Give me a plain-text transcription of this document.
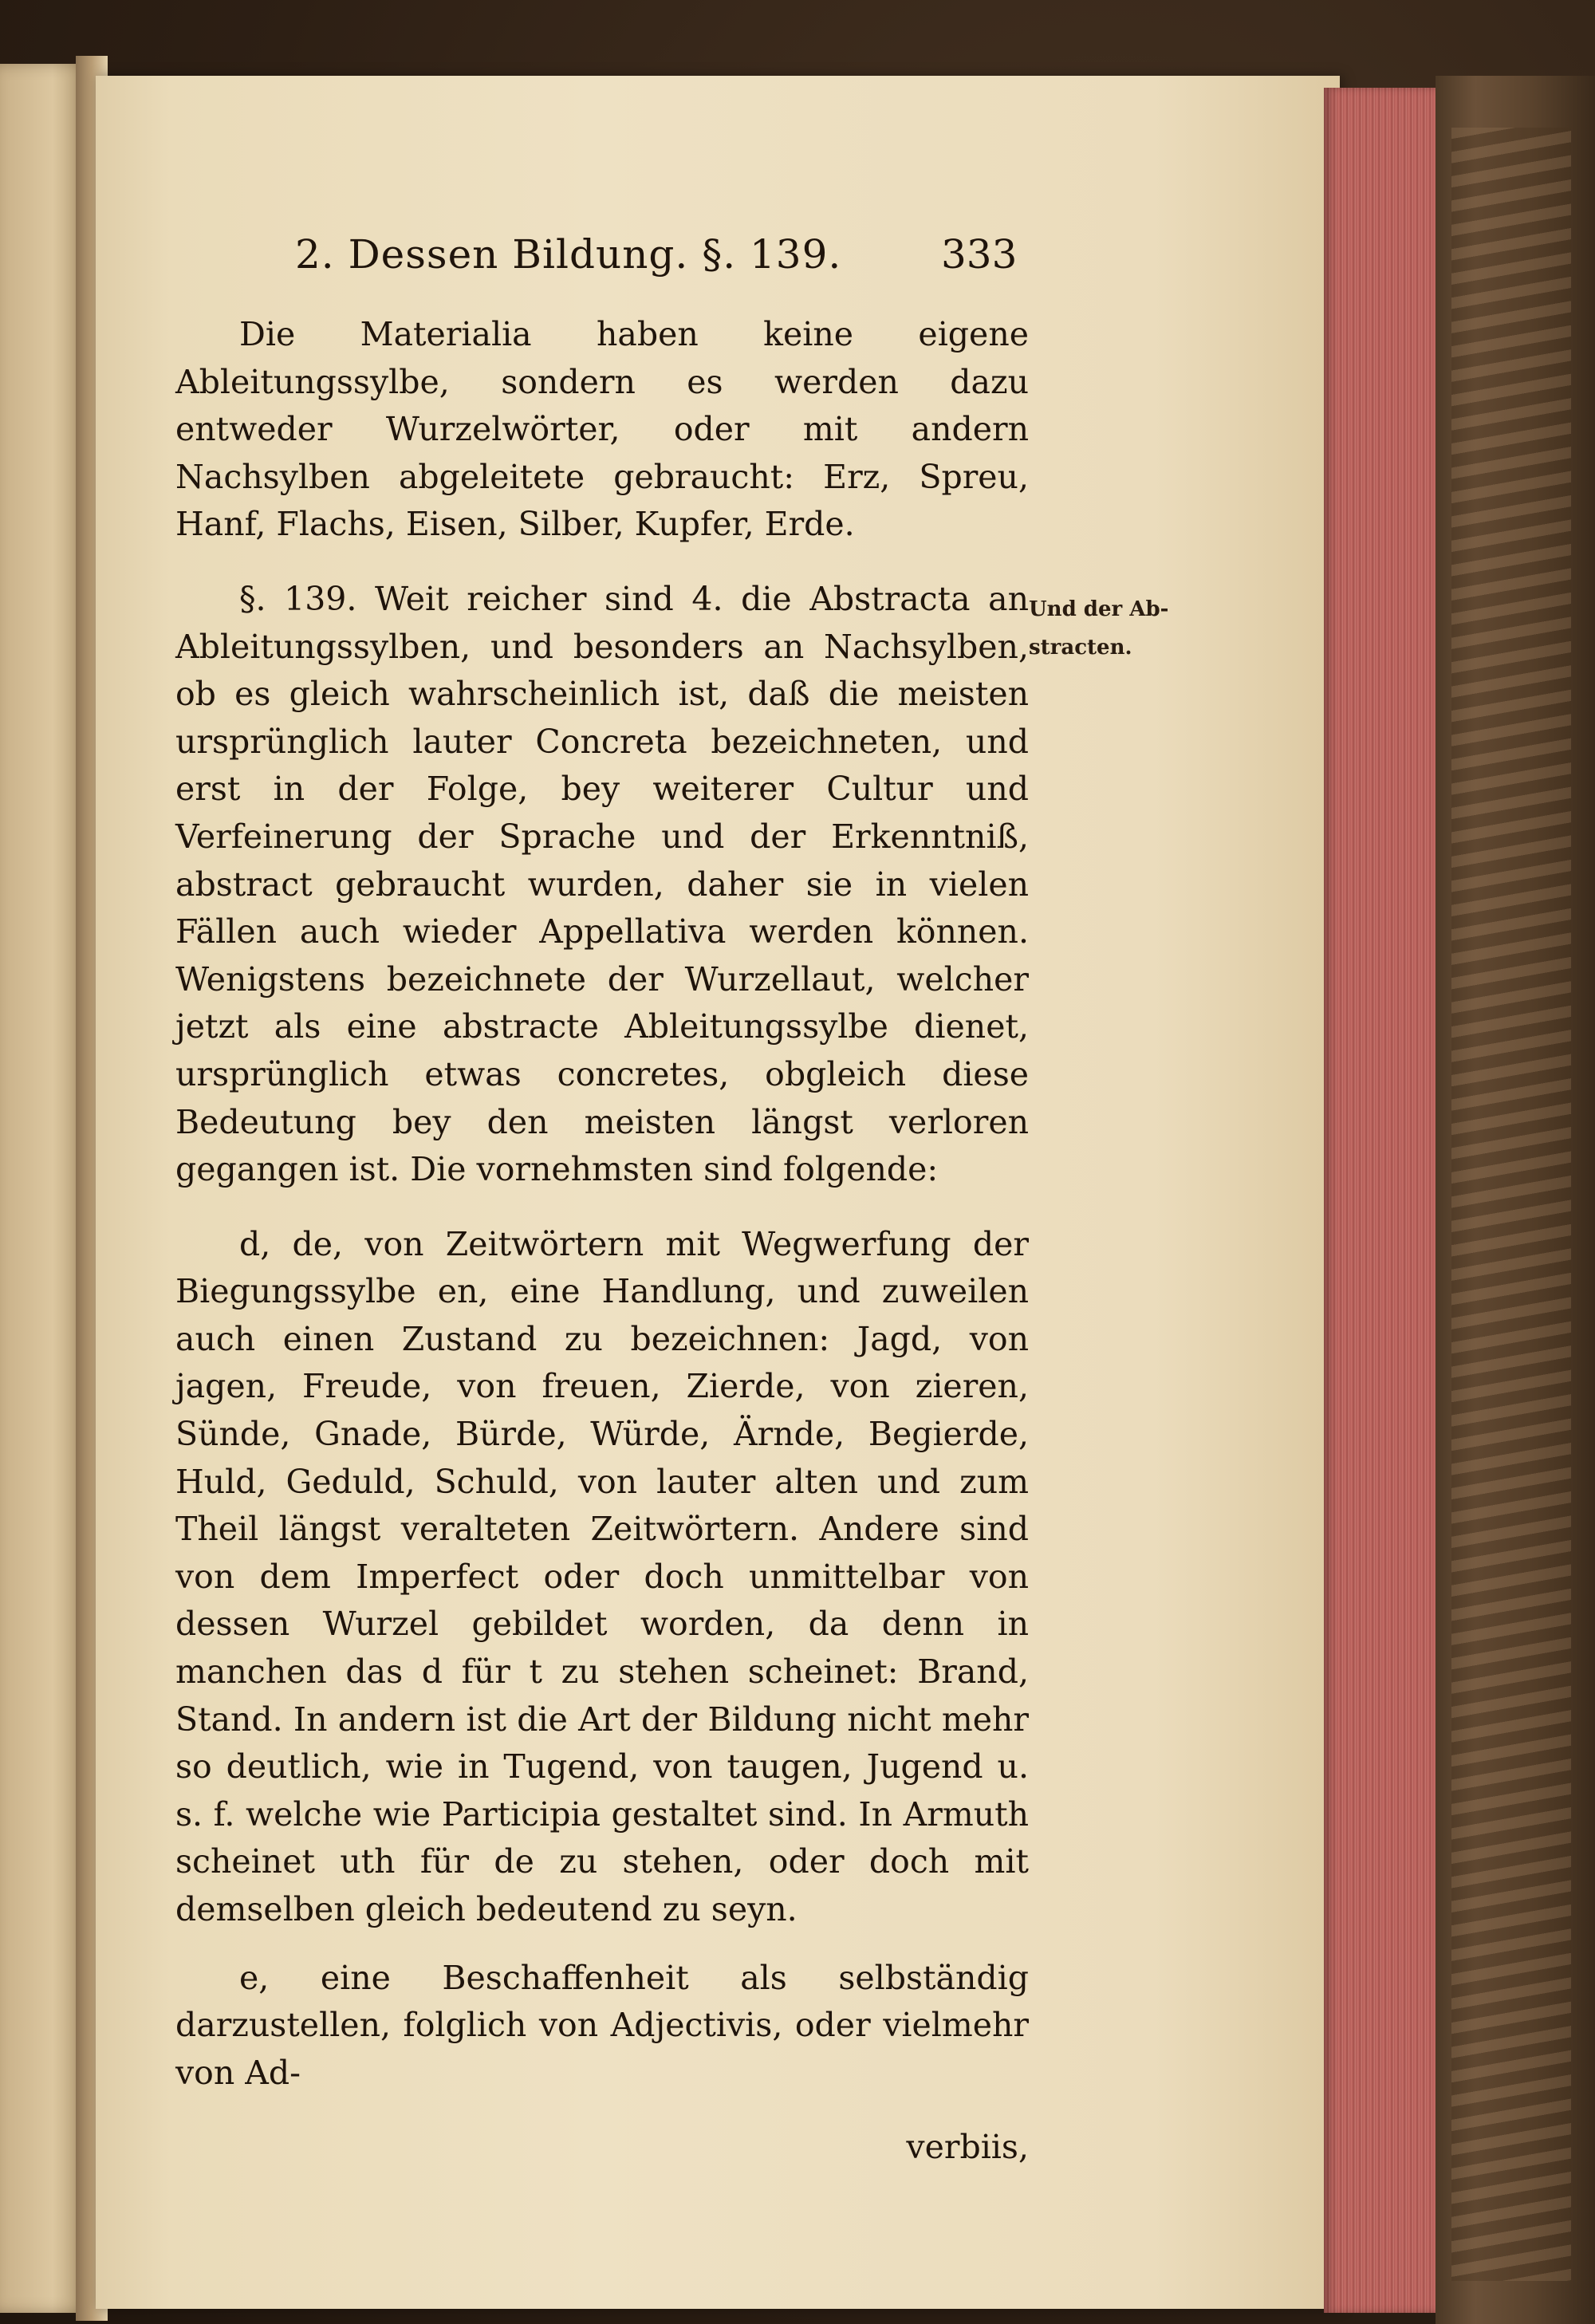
2. Dessen Bildung. §. 139.	333
Und der Ab-
stracten.

Die Materialia haben keine eigene Ableitungssylbe, sondern es werden dazu entweder Wurzelwörter, oder mit andern Nachsylben abgeleitete gebraucht: Erz, Spreu, Hanf, Flachs, Eisen, Silber, Kupfer, Erde.

§. 139. Weit reicher sind 4. die Abstracta an Ableitungssylben, und besonders an Nachsylben, ob es gleich wahrscheinlich ist, daß die meisten ursprünglich lauter Concreta bezeichneten, und erst in der Folge, bey weiterer Cultur und Verfeinerung der Sprache und der Erkenntniß, abstract gebraucht wurden, daher sie in vielen Fällen auch wieder Appellativa werden können. Wenigstens bezeichnete der Wurzellaut, welcher jetzt als eine abstracte Ableitungssylbe dienet, ursprünglich etwas concretes, obgleich diese Bedeutung bey den meisten längst verloren gegangen ist. Die vornehmsten sind folgende:

d, de, von Zeitwörtern mit Wegwerfung der Biegungssylbe en, eine Handlung, und zuweilen auch einen Zustand zu bezeichnen: Jagd, von jagen, Freude, von freuen, Zierde, von zieren, Sünde, Gnade, Bürde, Würde, Ärnde, Begierde, Huld, Geduld, Schuld, von lauter alten und zum Theil längst veralteten Zeitwörtern. Andere sind von dem Imperfect oder doch unmittelbar von dessen Wurzel gebildet worden, da denn in manchen das d für t zu stehen scheinet: Brand, Stand. In andern ist die Art der Bildung nicht mehr so deutlich, wie in Tugend, von taugen, Jugend u. s. f. welche wie Participia gestaltet sind. In Armuth scheinet uth für de zu stehen, oder doch mit demselben gleich bedeutend zu seyn.

e, eine Beschaffenheit als selbständig darzustellen, folglich von Adjectivis, oder vielmehr von Ad-

verbiis,
